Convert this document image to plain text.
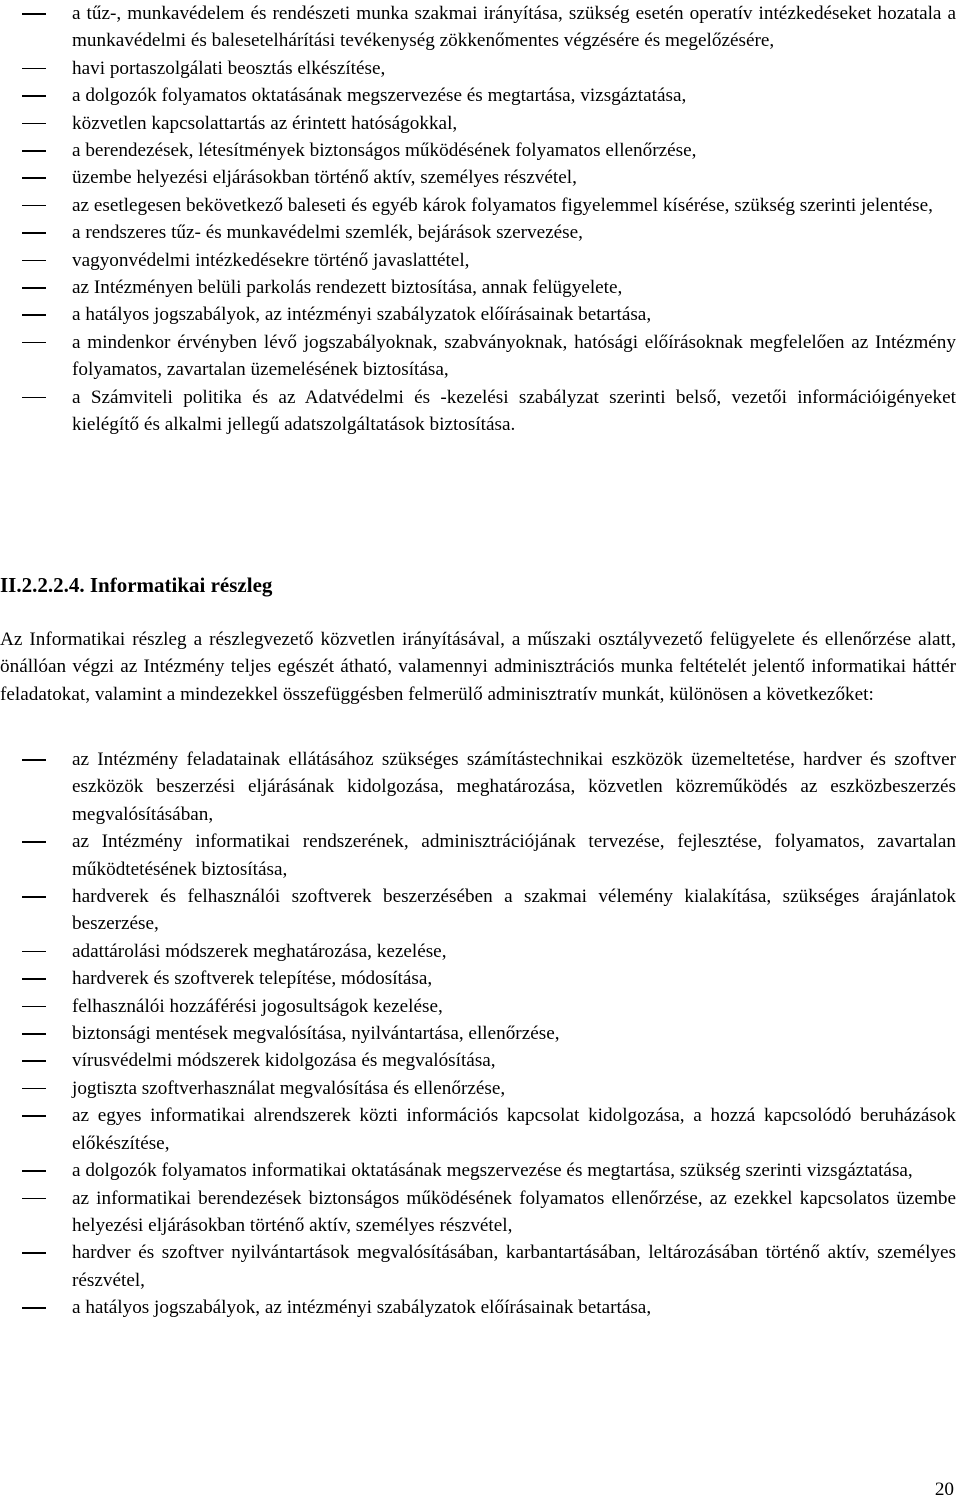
a tűz-, munkavédelem és rendészeti munka szakmai irányítása, szükség esetén operatív intézkedéseket hozatala a munkavédelmi és balesetelhárítási tevékenység zökkenőmentes végzésére és megelőzésére,
havi portaszolgálati beosztás elkészítése,
a dolgozók folyamatos oktatásának megszervezése és megtartása, vizsgáztatása,
közvetlen kapcsolattartás az érintett hatóságokkal,
a berendezések, létesítmények biztonságos működésének folyamatos ellenőrzése,
üzembe helyezési eljárásokban történő aktív, személyes részvétel,
az esetlegesen bekövetkező baleseti és egyéb károk folyamatos figyelemmel kísérése, szükség szerinti jelentése,
a rendszeres tűz- és munkavédelmi szemlék, bejárások szervezése,
vagyonvédelmi intézkedésekre történő javaslattétel,
az Intézményen belüli parkolás rendezett biztosítása, annak felügyelete,
a hatályos jogszabályok, az intézményi szabályzatok előírásainak betartása,
a mindenkor érvényben lévő jogszabályoknak, szabványoknak, hatósági előírásoknak megfelelően az Intézmény folyamatos, zavartalan üzemelésének biztosítása,
a Számviteli politika és az Adatvédelmi és -kezelési szabályzat szerinti belső, vezetői információigényeket kielégítő és alkalmi jellegű adatszolgáltatások biztosítása.
II.2.2.2.4. Informatikai részleg

Az Informatikai részleg a részlegvezető közvetlen irányításával, a műszaki osztályvezető felügyelete és ellenőrzése alatt, önállóan végzi az Intézmény teljes egészét átható, valamennyi adminisztrációs munka feltételét jelentő informatikai háttér feladatokat, valamint a mindezekkel összefüggésben felmerülő adminisztratív munkát, különösen a következőket:

az Intézmény feladatainak ellátásához szükséges számítástechnikai eszközök üzemeltetése, hardver és szoftver eszközök beszerzési eljárásának kidolgozása, meghatározása, közvetlen közreműködés az eszközbeszerzés megvalósításában,
az Intézmény informatikai rendszerének, adminisztrációjának tervezése, fejlesztése, folyamatos, zavartalan működtetésének biztosítása,
hardverek és felhasználói szoftverek beszerzésében a szakmai vélemény kialakítása, szükséges árajánlatok beszerzése,
adattárolási módszerek meghatározása, kezelése,
hardverek és szoftverek telepítése, módosítása,
felhasználói hozzáférési jogosultságok kezelése,
biztonsági mentések megvalósítása, nyilvántartása, ellenőrzése,
vírusvédelmi módszerek kidolgozása és megvalósítása,
jogtiszta szoftverhasználat megvalósítása és ellenőrzése,
az egyes informatikai alrendszerek közti információs kapcsolat kidolgozása, a hozzá kapcsolódó beruházások előkészítése,
a dolgozók folyamatos informatikai oktatásának megszervezése és megtartása, szükség szerinti vizsgáztatása,
az informatikai berendezések biztonságos működésének folyamatos ellenőrzése, az ezekkel kapcsolatos üzembe helyezési eljárásokban történő aktív, személyes részvétel,
hardver és szoftver nyilvántartások megvalósításában, karbantartásában, leltározásában történő aktív, személyes részvétel,
a hatályos jogszabályok, az intézményi szabályzatok előírásainak betartása,
20
